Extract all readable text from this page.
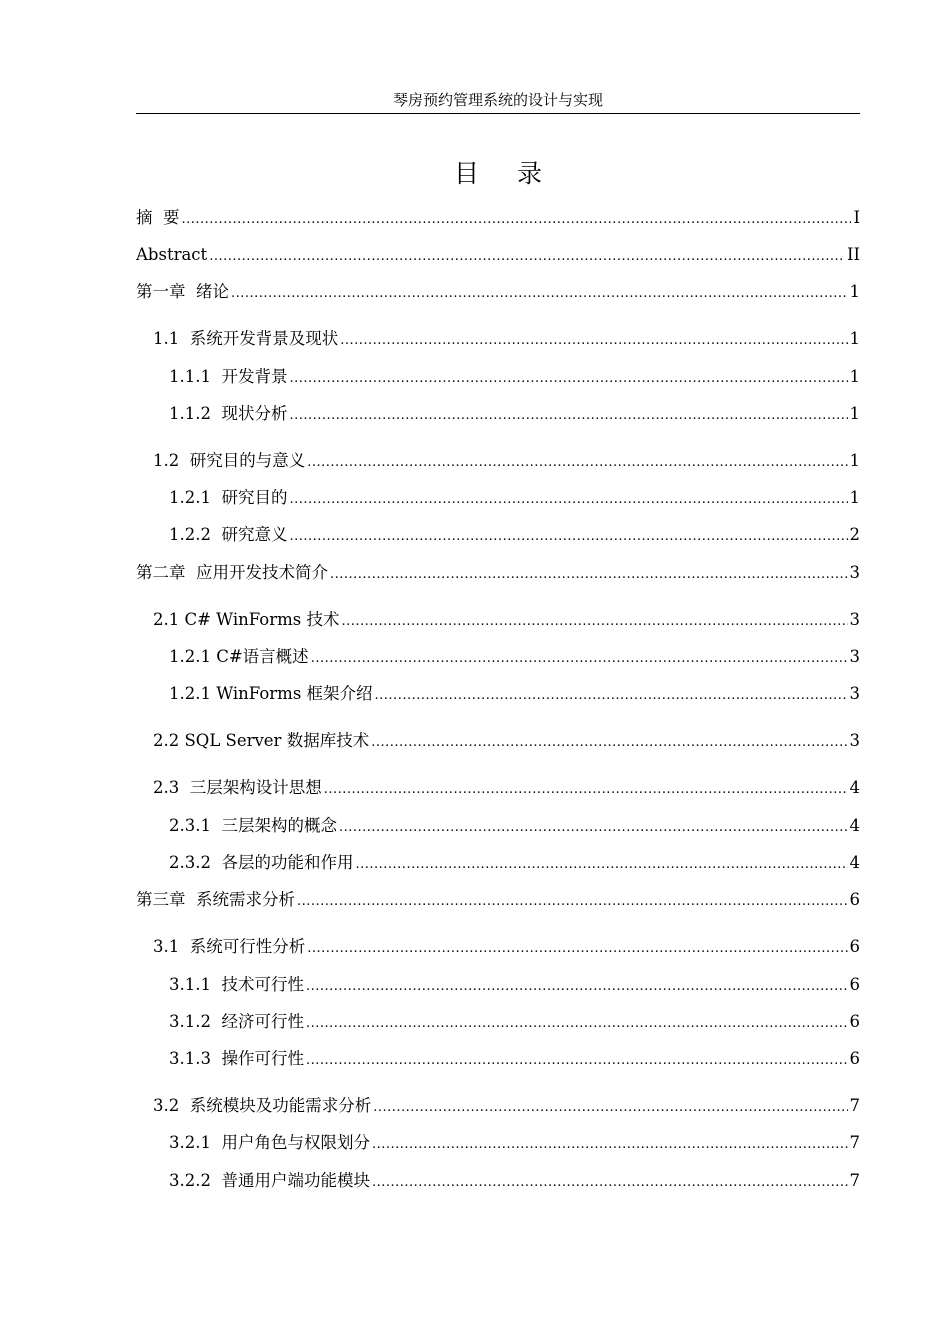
琴房预约管理系统的设计与实现
目录
摘  要 .....	I
Abstract .....	II
第一章  绪论 .....	1
1.1  系统开发背景及现状 .....	1
1.1.1  开发背景 .....	1
1.1.2  现状分析 .....	1
1.2  研究目的与意义 .....	1
1.2.1  研究目的 .....	1
1.2.2  研究意义 .....	2
第二章  应用开发技术简介 .....	3
2.1 C# WinForms 技术 .....	3
1.2.1 C#语言概述 .....	3
1.2.1 WinForms 框架介绍 .....	3
2.2 SQL Server 数据库技术 .....	3
2.3  三层架构设计思想 .....	4
2.3.1  三层架构的概念 .....	4
2.3.2  各层的功能和作用 .....	4
第三章  系统需求分析 .....	6
3.1  系统可行性分析 .....	6
3.1.1  技术可行性 .....	6
3.1.2  经济可行性 .....	6
3.1.3  操作可行性 .....	6
3.2  系统模块及功能需求分析 .....	7
3.2.1  用户角色与权限划分 .....	7
3.2.2  普通用户端功能模块 .....	7
